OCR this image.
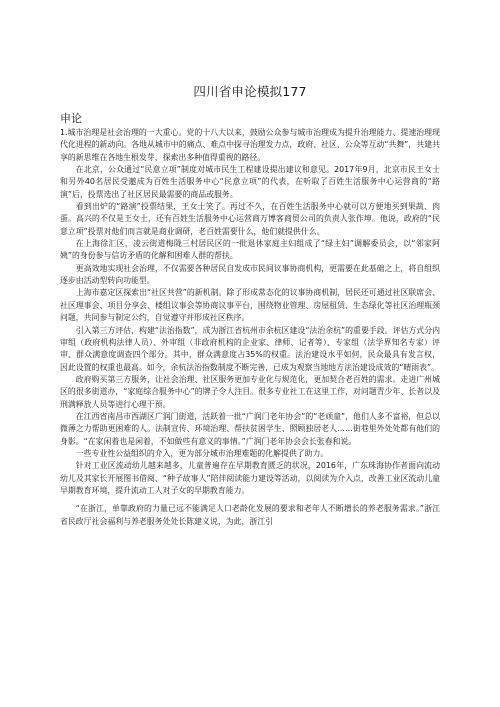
四川省申论模拟177
申论

1.城市治理是社会治理的一大重心。党的十八大以来，鼓励公众参与城市治理成为提升治理能力、提速治理现代化进程的新动向。各地从城市中的痛点、难点中探寻治理发力点，政府、社区、公众等互动“共舞”，共建共享的新思维在各地生根发芽，探索出多种值得重视的路径。

在北京，公众通过“民意立项”制度对城市民生工程建设提出建议和意见。2017年9月，北京市民王女士和另外40名居民受邀成为百姓生活服务中心“民意立项”的代表，在听取了百姓生活服务中心运营商的“路演”后，投票选出了社区居民最需要的商品或服务。

看到出炉的“路演”投票结果，王女士笑了。再过不久，在百姓生活服务中心就可以方便地买到果蔬、肉蛋。高兴的不仅是王女士，还有百姓生活服务中心运营商万博客商贸公司的负责人张作坤。他说，政府的“民意立项”投票对他们而言就是商业调研，老百姓需要什么，他们就提供什么。

在上海徐汇区，凌云街道梅陇三村居民区的一批退休家庭主妇组成了“绿主妇”调解委员会，以“邻家阿姨”的身份参与信访矛盾的化解和困难人群的帮扶。

更高效地实现社会治理，不仅需要各种居民自发成市民间议事协商机构，更需要在此基础之上，将自组织逐步由活动型转向功能型。

上海市嘉定区探索出“社区共营”的新机制。除了形成常态化的议事协商机制，居民还可通过社区联席会、社区理事会、项目分享会、楼组议事会等协商议事平台，围绕物业管理、房屋租赁、生态绿化等社区治理瓶颈问题，共同参与制定公约，自觉遵守并形成社区秩序。

引入第三方评估，构建“法治指数”，成为浙江省杭州市余杭区建设“法治余杭”的重要手段。评估方式分内审组（政府机构法律人员）、外审组（非政府机构的企业家、律师、记者等）、专家组（法学界知名专家）评审、群众满意度调查四个部分。其中，群众满意度占35%的权重。法治建设水平如何，民众最具有发言权，因此设置的权重也最高。如今，余杭法治指数制度不断完善，已成为观察当地地方法治建设成效的“晴雨表”。

政府购买第三方服务，让社会治理、社区服务更加专业化与规范化，更加契合老百姓的需求。走进广州城区的很多街道办，“家庭综合服务中心”的牌子令人注目。很多专业社工在这里工作，对问题青少年、长者以及刑满释放人员等进行心理干预。

在江西省南昌市西湖区广润门街道，活跃着一批“广润门老年协会”的“老顽童”，他们人多不富裕，但总以微薄之力帮助更困难的人。法制宣传、环境治理、帮扶贫困学生、照顾独居老人……街巷里外处处都有他们的身影。“在家闲着也是闲着，不如做些有意义的事情。”广润门老年协会会长张春和说。

一些专业性公益组织的介入，更为部分城市治理难题的化解提供了助力。

针对工业区流动幼儿越来越多，儿童普遍存在早期教育匮乏的状况，2016年，广东珠海协作者面向流动幼儿及其家长开展图书借阅、“种子故事人”陪伴阅读能力建设等活动，以阅读为介入点，改善工业区流动儿童早期教育环境，提升流动工人对子女的早期教育能力。

“在浙江，单靠政府的力量已远不能满足人口老龄化发展的要求和老年人不断增长的养老服务需求。”浙江省民政厅社会福利与养老服务处处长陈建义说，为此，浙江引
